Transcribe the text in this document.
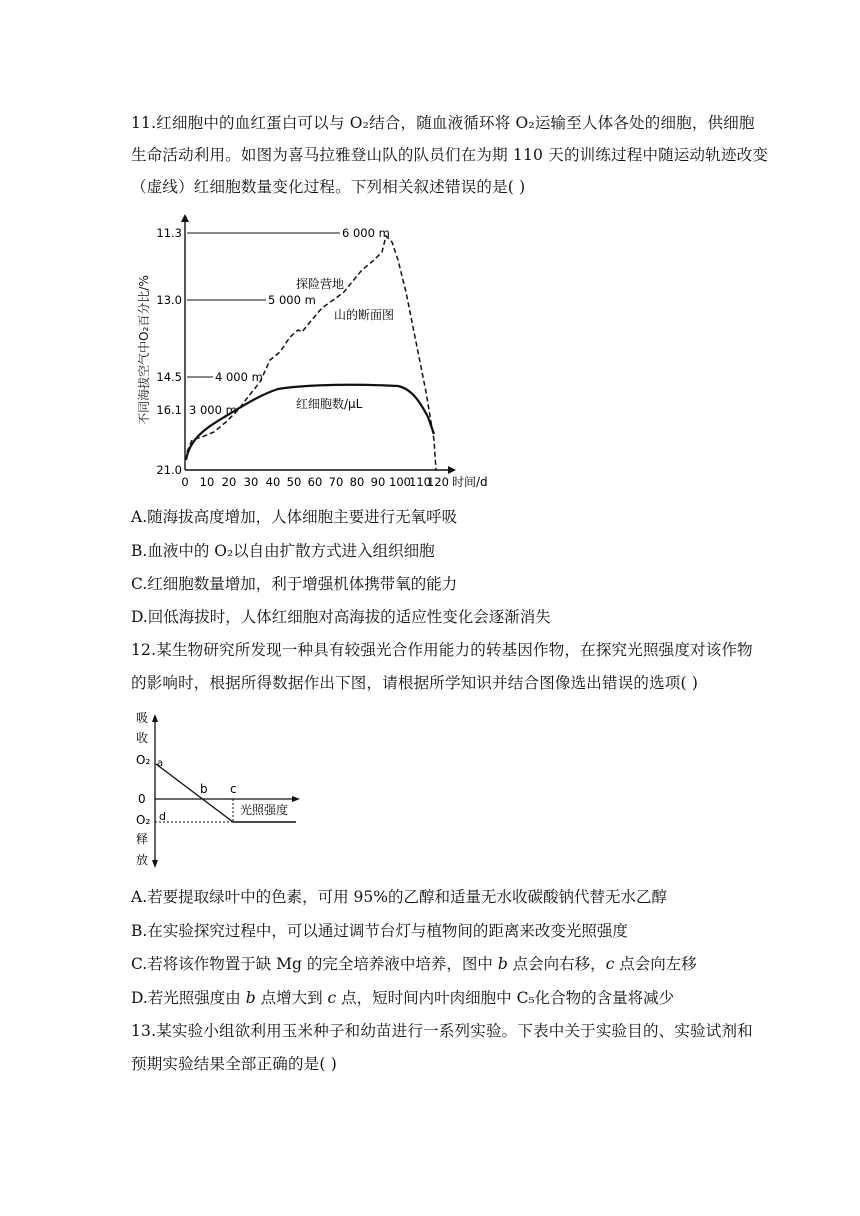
11.红细胞中的血红蛋白可以与 O₂结合，随血液循环将 O₂运输至人体各处的细胞，供细胞
生命活动利用。如图为喜马拉雅登山队的队员们在为期 110 天的训练过程中随运动轨迹改变
（虚线）红细胞数量变化过程。下列相关叙述错误的是( )
不同海拔空气中O₂百分比/%
11.3
13.0
14.5
16.1
21.0
6 000 m
5 000 m
4 000 m
3 000 m
探险营地
山的断面图
红细胞数/μL
0 10 20 30 40 50 60 70 80 90 100
110
120 时间/d
A.随海拔高度增加，人体细胞主要进行无氧呼吸
B.血液中的 O₂以自由扩散方式进入组织细胞
C.红细胞数量增加，利于增强机体携带氧的能力
D.回低海拔时，人体红细胞对高海拔的适应性变化会逐渐消失
12.某生物研究所发现一种具有较强光合作用能力的转基因作物，在探究光照强度对该作物
的影响时，根据所得数据作出下图，请根据所学知识并结合图像选出错误的选项( )
吸
收
O₂
0
O₂
释
放
a
b c
d	光照强度
A.若要提取绿叶中的色素，可用 95%的乙醇和适量无水收碳酸钠代替无水乙醇
B.在实验探究过程中，可以通过调节台灯与植物间的距离来改变光照强度
C.若将该作物置于缺 Mg 的完全培养液中培养，图中 b 点会向右移，c 点会向左移
D.若光照强度由 b 点增大到 c 点，短时间内叶肉细胞中 C₅化合物的含量将减少
13.某实验小组欲利用玉米种子和幼苗进行一系列实验。下表中关于实验目的、实验试剂和
预期实验结果全部正确的是( )
